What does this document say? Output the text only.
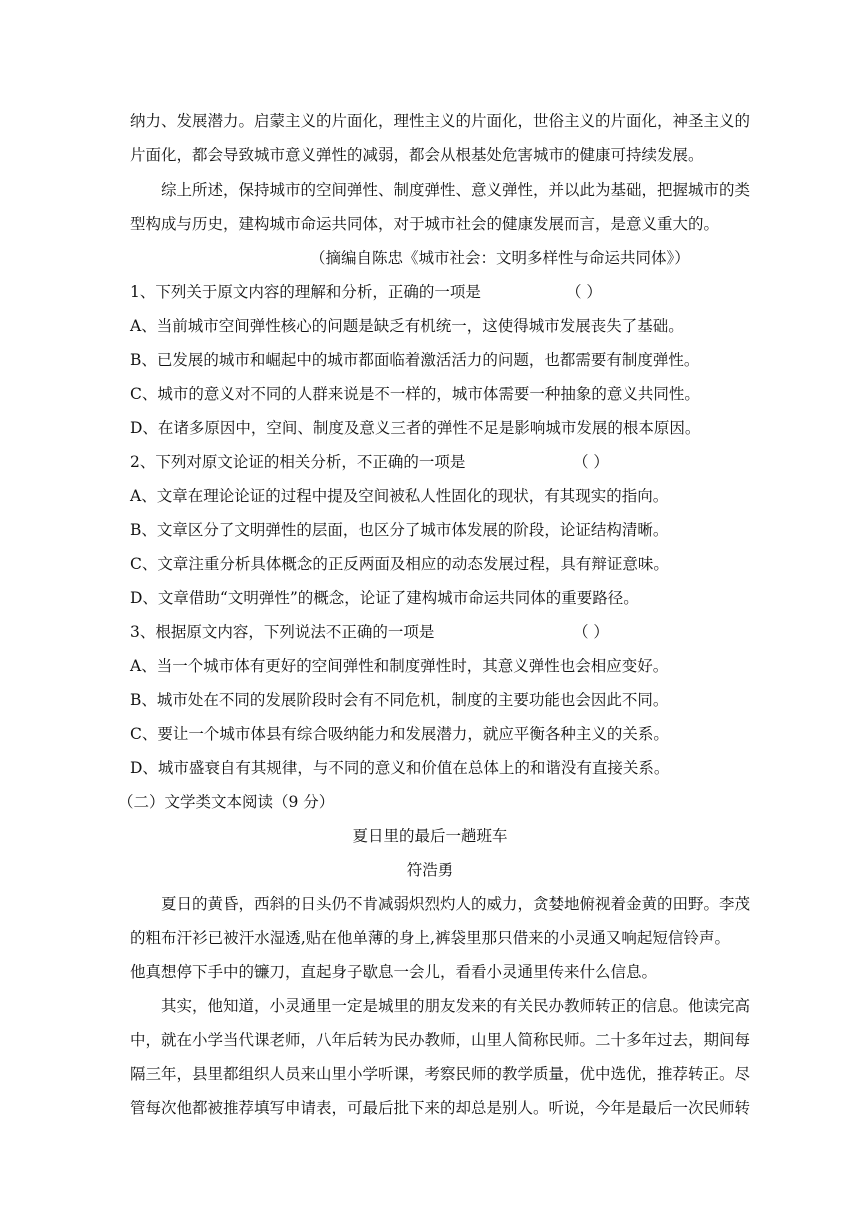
纳力、发展潜力。启蒙主义的片面化，理性主义的片面化，世俗主义的片面化，神圣主义的
片面化，都会导致城市意义弹性的减弱，都会从根基处危害城市的健康可持续发展。
综上所述，保持城市的空间弹性、制度弹性、意义弹性，并以此为基础，把握城市的类
型构成与历史，建构城市命运共同体，对于城市社会的健康发展而言，是意义重大的。
（摘编自陈忠《城市社会：文明多样性与命运共同体》）
1、下列关于原文内容的理解和分析，正确的一项是	（ ）
A、当前城市空间弹性核心的问题是缺乏有机统一，这使得城市发展丧失了基础。
B、已发展的城市和崛起中的城市都面临着激活活力的问题，也都需要有制度弹性。
C、城市的意义对不同的人群来说是不一样的，城市体需要一种抽象的意义共同性。
D、在诸多原因中，空间、制度及意义三者的弹性不足是影响城市发展的根本原因。
2、下列对原文论证的相关分析，不正确的一项是	（ ）
A、文章在理论论证的过程中提及空间被私人性固化的现状，有其现实的指向。
B、文章区分了文明弹性的层面，也区分了城市体发展的阶段，论证结构清晰。
C、文章注重分析具体概念的正反两面及相应的动态发展过程，具有辩证意味。
D、文章借助“文明弹性”的概念，论证了建构城市命运共同体的重要路径。
3、根据原文内容，下列说法不正确的一项是	（ ）
A、当一个城市体有更好的空间弹性和制度弹性时，其意义弹性也会相应变好。
B、城市处在不同的发展阶段时会有不同危机，制度的主要功能也会因此不同。
C、要让一个城市体县有综合吸纳能力和发展潜力，就应平衡各种主义的关系。
D、城市盛衰自有其规律，与不同的意义和价值在总体上的和谐没有直接关系。
（二）文学类文本阅读（9 分）
夏日里的最后一趟班车
符浩勇
夏日的黄昏，西斜的日头仍不肯减弱炽烈灼人的威力，贪婪地俯视着金黄的田野。李茂
的粗布汗衫已被汗水湿透,贴在他单薄的身上,裤袋里那只借来的小灵通又响起短信铃声。
他真想停下手中的镰刀，直起身子歇息一会儿，看看小灵通里传来什么信息。
其实，他知道，小灵通里一定是城里的朋友发来的有关民办教师转正的信息。他读完高
中，就在小学当代课老师，八年后转为民办教师，山里人简称民师。二十多年过去，期间每
隔三年，县里都组织人员来山里小学听课，考察民师的教学质量，优中选优，推荐转正。尽
管每次他都被推荐填写申请表，可最后批下来的却总是别人。听说，今年是最后一次民师转
